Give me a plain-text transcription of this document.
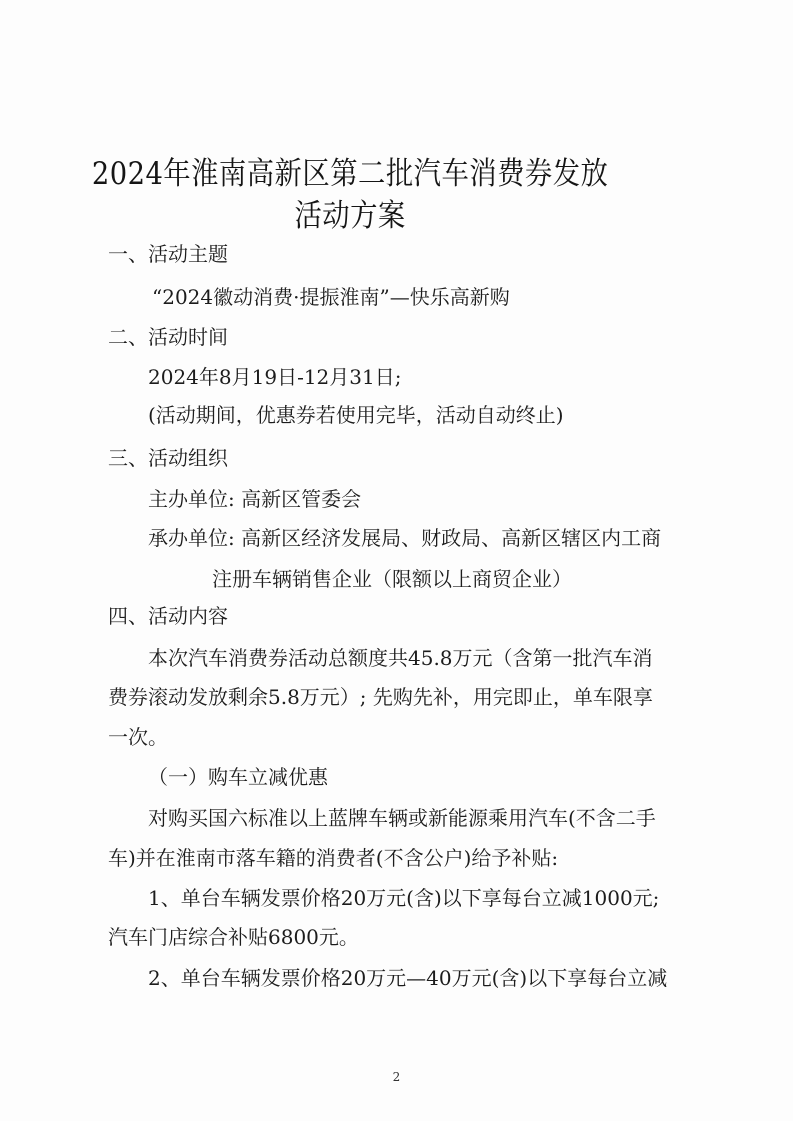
2024年淮南高新区第二批汽车消费券发放
活动方案
一、活动主题
“2024徽动消费·提振淮南”—快乐高新购
二、活动时间
2024年8月19日-12月31日;
(活动期间，优惠券若使用完毕，活动自动终止)
三、活动组织
主办单位: 高新区管委会
承办单位: 高新区经济发展局、财政局、高新区辖区内工商
注册车辆销售企业（限额以上商贸企业）
四、活动内容
本次汽车消费券活动总额度共45.8万元（含第一批汽车消
费券滚动发放剩余5.8万元）; 先购先补，用完即止，单车限享
一次。
（一）购车立减优惠
对购买国六标准以上蓝牌车辆或新能源乘用汽车(不含二手
车)并在淮南市落车籍的消费者(不含公户)给予补贴:
1、单台车辆发票价格20万元(含)以下享每台立减1000元;
汽车门店综合补贴6800元。
2、单台车辆发票价格20万元—40万元(含)以下享每台立减
2
